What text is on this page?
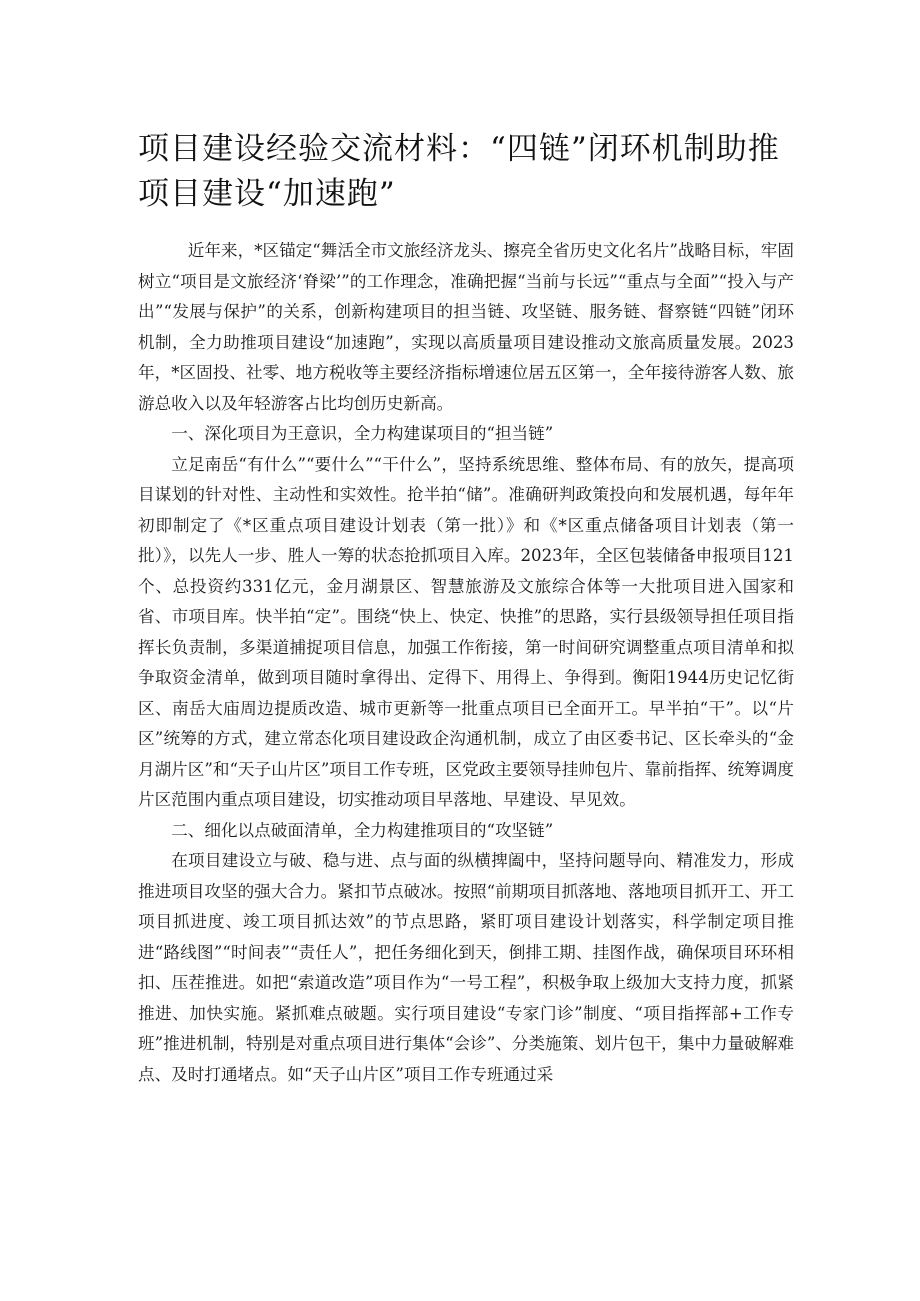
项目建设经验交流材料：“四链”闭环机制助推项目建设“加速跑”

近年来，*区锚定“舞活全市文旅经济龙头、擦亮全省历史文化名片”战略目标，牢固树立“项目是文旅经济‘脊梁’”的工作理念，准确把握“当前与长远”“重点与全面”“投入与产出”“发展与保护”的关系，创新构建项目的担当链、攻坚链、服务链、督察链“四链”闭环机制，全力助推项目建设“加速跑”，实现以高质量项目建设推动文旅高质量发展。2023年，*区固投、社零、地方税收等主要经济指标增速位居五区第一，全年接待游客人数、旅游总收入以及年轻游客占比均创历史新高。

一、深化项目为王意识，全力构建谋项目的“担当链”

立足南岳“有什么”“要什么”“干什么”，坚持系统思维、整体布局、有的放矢，提高项目谋划的针对性、主动性和实效性。抢半拍“储”。准确研判政策投向和发展机遇，每年年初即制定了《*区重点项目建设计划表（第一批）》和《*区重点储备项目计划表（第一批）》，以先人一步、胜人一筹的状态抢抓项目入库。2023年，全区包装储备申报项目121个、总投资约331亿元，金月湖景区、智慧旅游及文旅综合体等一大批项目进入国家和省、市项目库。快半拍“定”。围绕“快上、快定、快推”的思路，实行县级领导担任项目指挥长负责制，多渠道捕捉项目信息，加强工作衔接，第一时间研究调整重点项目清单和拟争取资金清单，做到项目随时拿得出、定得下、用得上、争得到。衡阳1944历史记忆街区、南岳大庙周边提质改造、城市更新等一批重点项目已全面开工。早半拍“干”。以“片区”统筹的方式，建立常态化项目建设政企沟通机制，成立了由区委书记、区长牵头的“金月湖片区”和“天子山片区”项目工作专班，区党政主要领导挂帅包片、靠前指挥、统筹调度片区范围内重点项目建设，切实推动项目早落地、早建设、早见效。

二、细化以点破面清单，全力构建推项目的“攻坚链”

在项目建设立与破、稳与进、点与面的纵横捭阖中，坚持问题导向、精准发力，形成推进项目攻坚的强大合力。紧扣节点破冰。按照“前期项目抓落地、落地项目抓开工、开工项目抓进度、竣工项目抓达效”的节点思路，紧盯项目建设计划落实，科学制定项目推进“路线图”“时间表”“责任人”，把任务细化到天，倒排工期、挂图作战，确保项目环环相扣、压茬推进。如把“索道改造”项目作为“一号工程”，积极争取上级加大支持力度，抓紧推进、加快实施。紧抓难点破题。实行项目建设“专家门诊”制度、“项目指挥部+工作专班”推进机制，特别是对重点项目进行集体“会诊”、分类施策、划片包干，集中力量破解难点、及时打通堵点。如“天子山片区”项目工作专班通过采
